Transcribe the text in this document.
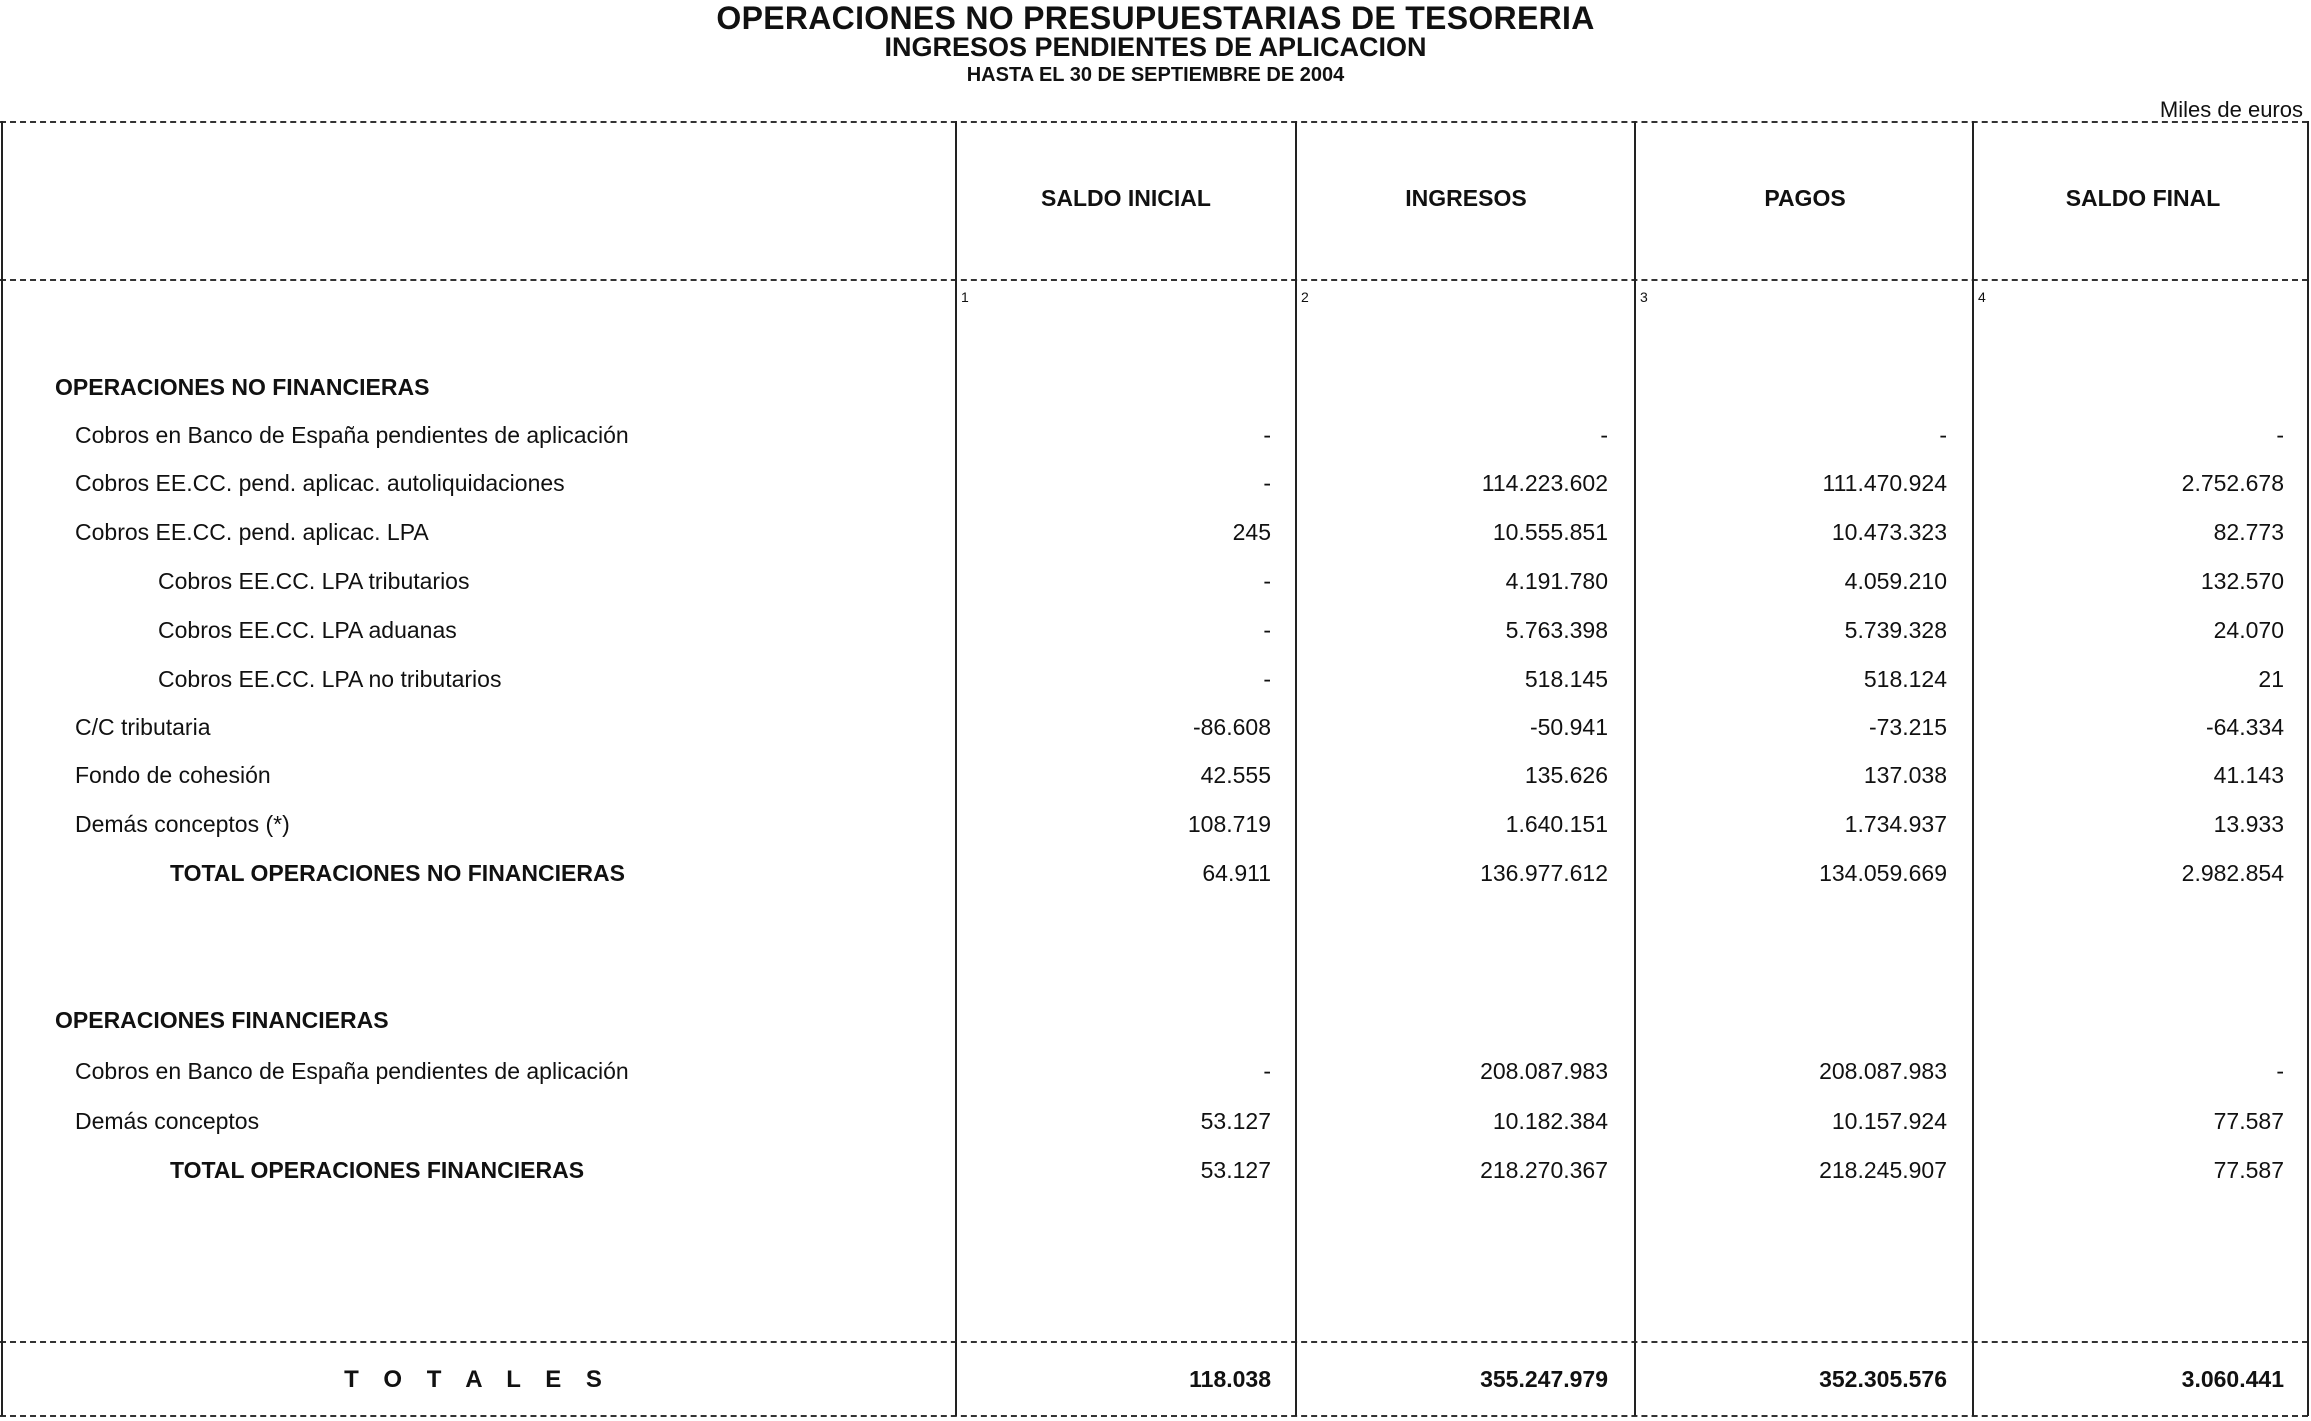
OPERACIONES NO PRESUPUESTARIAS DE TESORERIA
INGRESOS PENDIENTES DE APLICACION
HASTA EL 30 DE SEPTIEMBRE DE 2004
Miles de euros
SALDO INICIAL	INGRESOS	PAGOS	SALDO FINAL
1	2	3	4
OPERACIONES NO FINANCIERAS
Cobros en Banco de España pendientes de aplicación	-	-	-	-
Cobros EE.CC. pend. aplicac. autoliquidaciones	-	114.223.602	111.470.924	2.752.678
Cobros EE.CC. pend. aplicac. LPA	245	10.555.851	10.473.323	82.773
Cobros EE.CC. LPA tributarios	-	4.191.780	4.059.210	132.570
Cobros EE.CC. LPA aduanas	-	5.763.398	5.739.328	24.070
Cobros EE.CC. LPA no tributarios	-	518.145	518.124	21
C/C tributaria	-86.608	-50.941	-73.215	-64.334
Fondo de cohesión	42.555	135.626	137.038	41.143
Demás conceptos (*)	108.719	1.640.151	1.734.937	13.933
TOTAL OPERACIONES NO FINANCIERAS	64.911	136.977.612	134.059.669	2.982.854
OPERACIONES FINANCIERAS
Cobros en Banco de España pendientes de aplicación	-	208.087.983	208.087.983	-
Demás conceptos	53.127	10.182.384	10.157.924	77.587
TOTAL OPERACIONES FINANCIERAS	53.127	218.270.367	218.245.907	77.587
T O T A L E S	118.038	355.247.979	352.305.576	3.060.441
